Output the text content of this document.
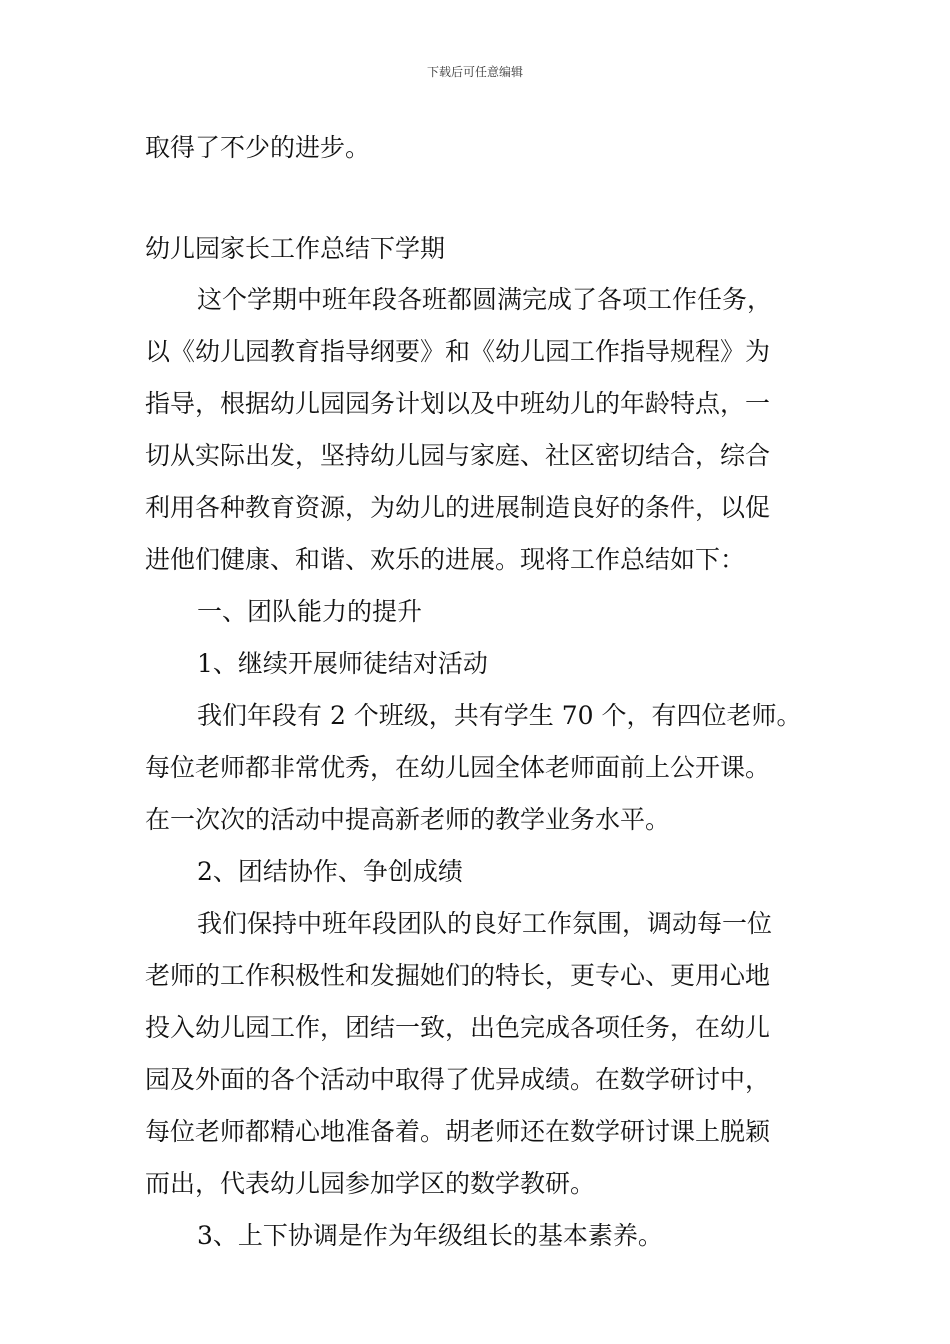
下载后可任意编辑
取得了不少的进步。
幼儿园家长工作总结下学期
这个学期中班年段各班都圆满完成了各项工作任务，
以《幼儿园教育指导纲要》和《幼儿园工作指导规程》为
指导，根据幼儿园园务计划以及中班幼儿的年龄特点，一
切从实际出发，坚持幼儿园与家庭、社区密切结合，综合
利用各种教育资源，为幼儿的进展制造良好的条件，以促
进他们健康、和谐、欢乐的进展。现将工作总结如下：
一、团队能力的提升
1、继续开展师徒结对活动
我们年段有 2 个班级，共有学生 70 个，有四位老师。
每位老师都非常优秀，在幼儿园全体老师面前上公开课。
在一次次的活动中提高新老师的教学业务水平。
2、团结协作、争创成绩
我们保持中班年段团队的良好工作氛围，调动每一位
老师的工作积极性和发掘她们的特长，更专心、更用心地
投入幼儿园工作，团结一致，出色完成各项任务，在幼儿
园及外面的各个活动中取得了优异成绩。在数学研讨中，
每位老师都精心地准备着。胡老师还在数学研讨课上脱颖
而出，代表幼儿园参加学区的数学教研。
3、上下协调是作为年级组长的基本素养。
